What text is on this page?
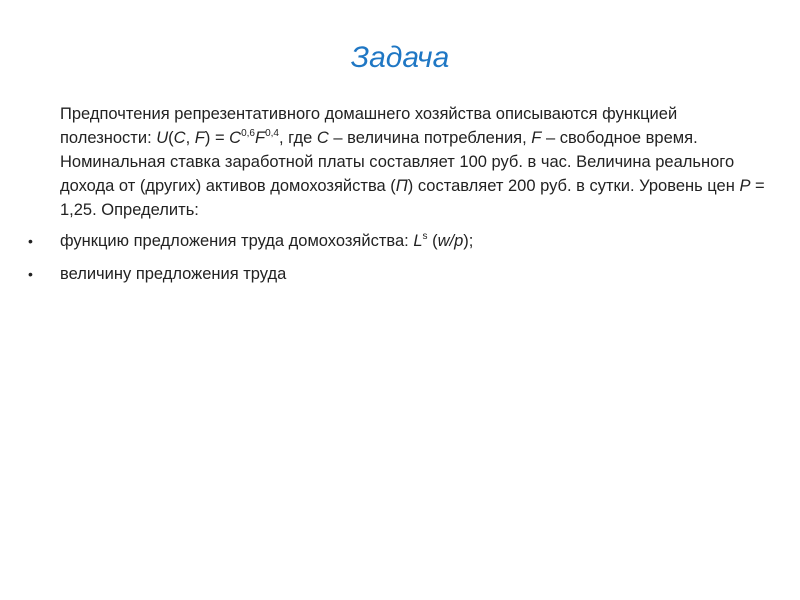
Задача
Предпочтения репрезентативного домашнего хозяйства описываются функцией полезности: U(C, $F) = C^{0,6}F^{0,4}$, где C – величина потребления, F – свободное время. Номинальная ставка заработной платы составляет 100 руб. в час. Величина реального дохода от (других) активов домохозяйства (П) составляет 200 руб. в сутки. Уровень цен P = 1,25. Определить:
• функцию предложения труда домохозяйства: $L^s$ (w/p);
• величину предложения труда
